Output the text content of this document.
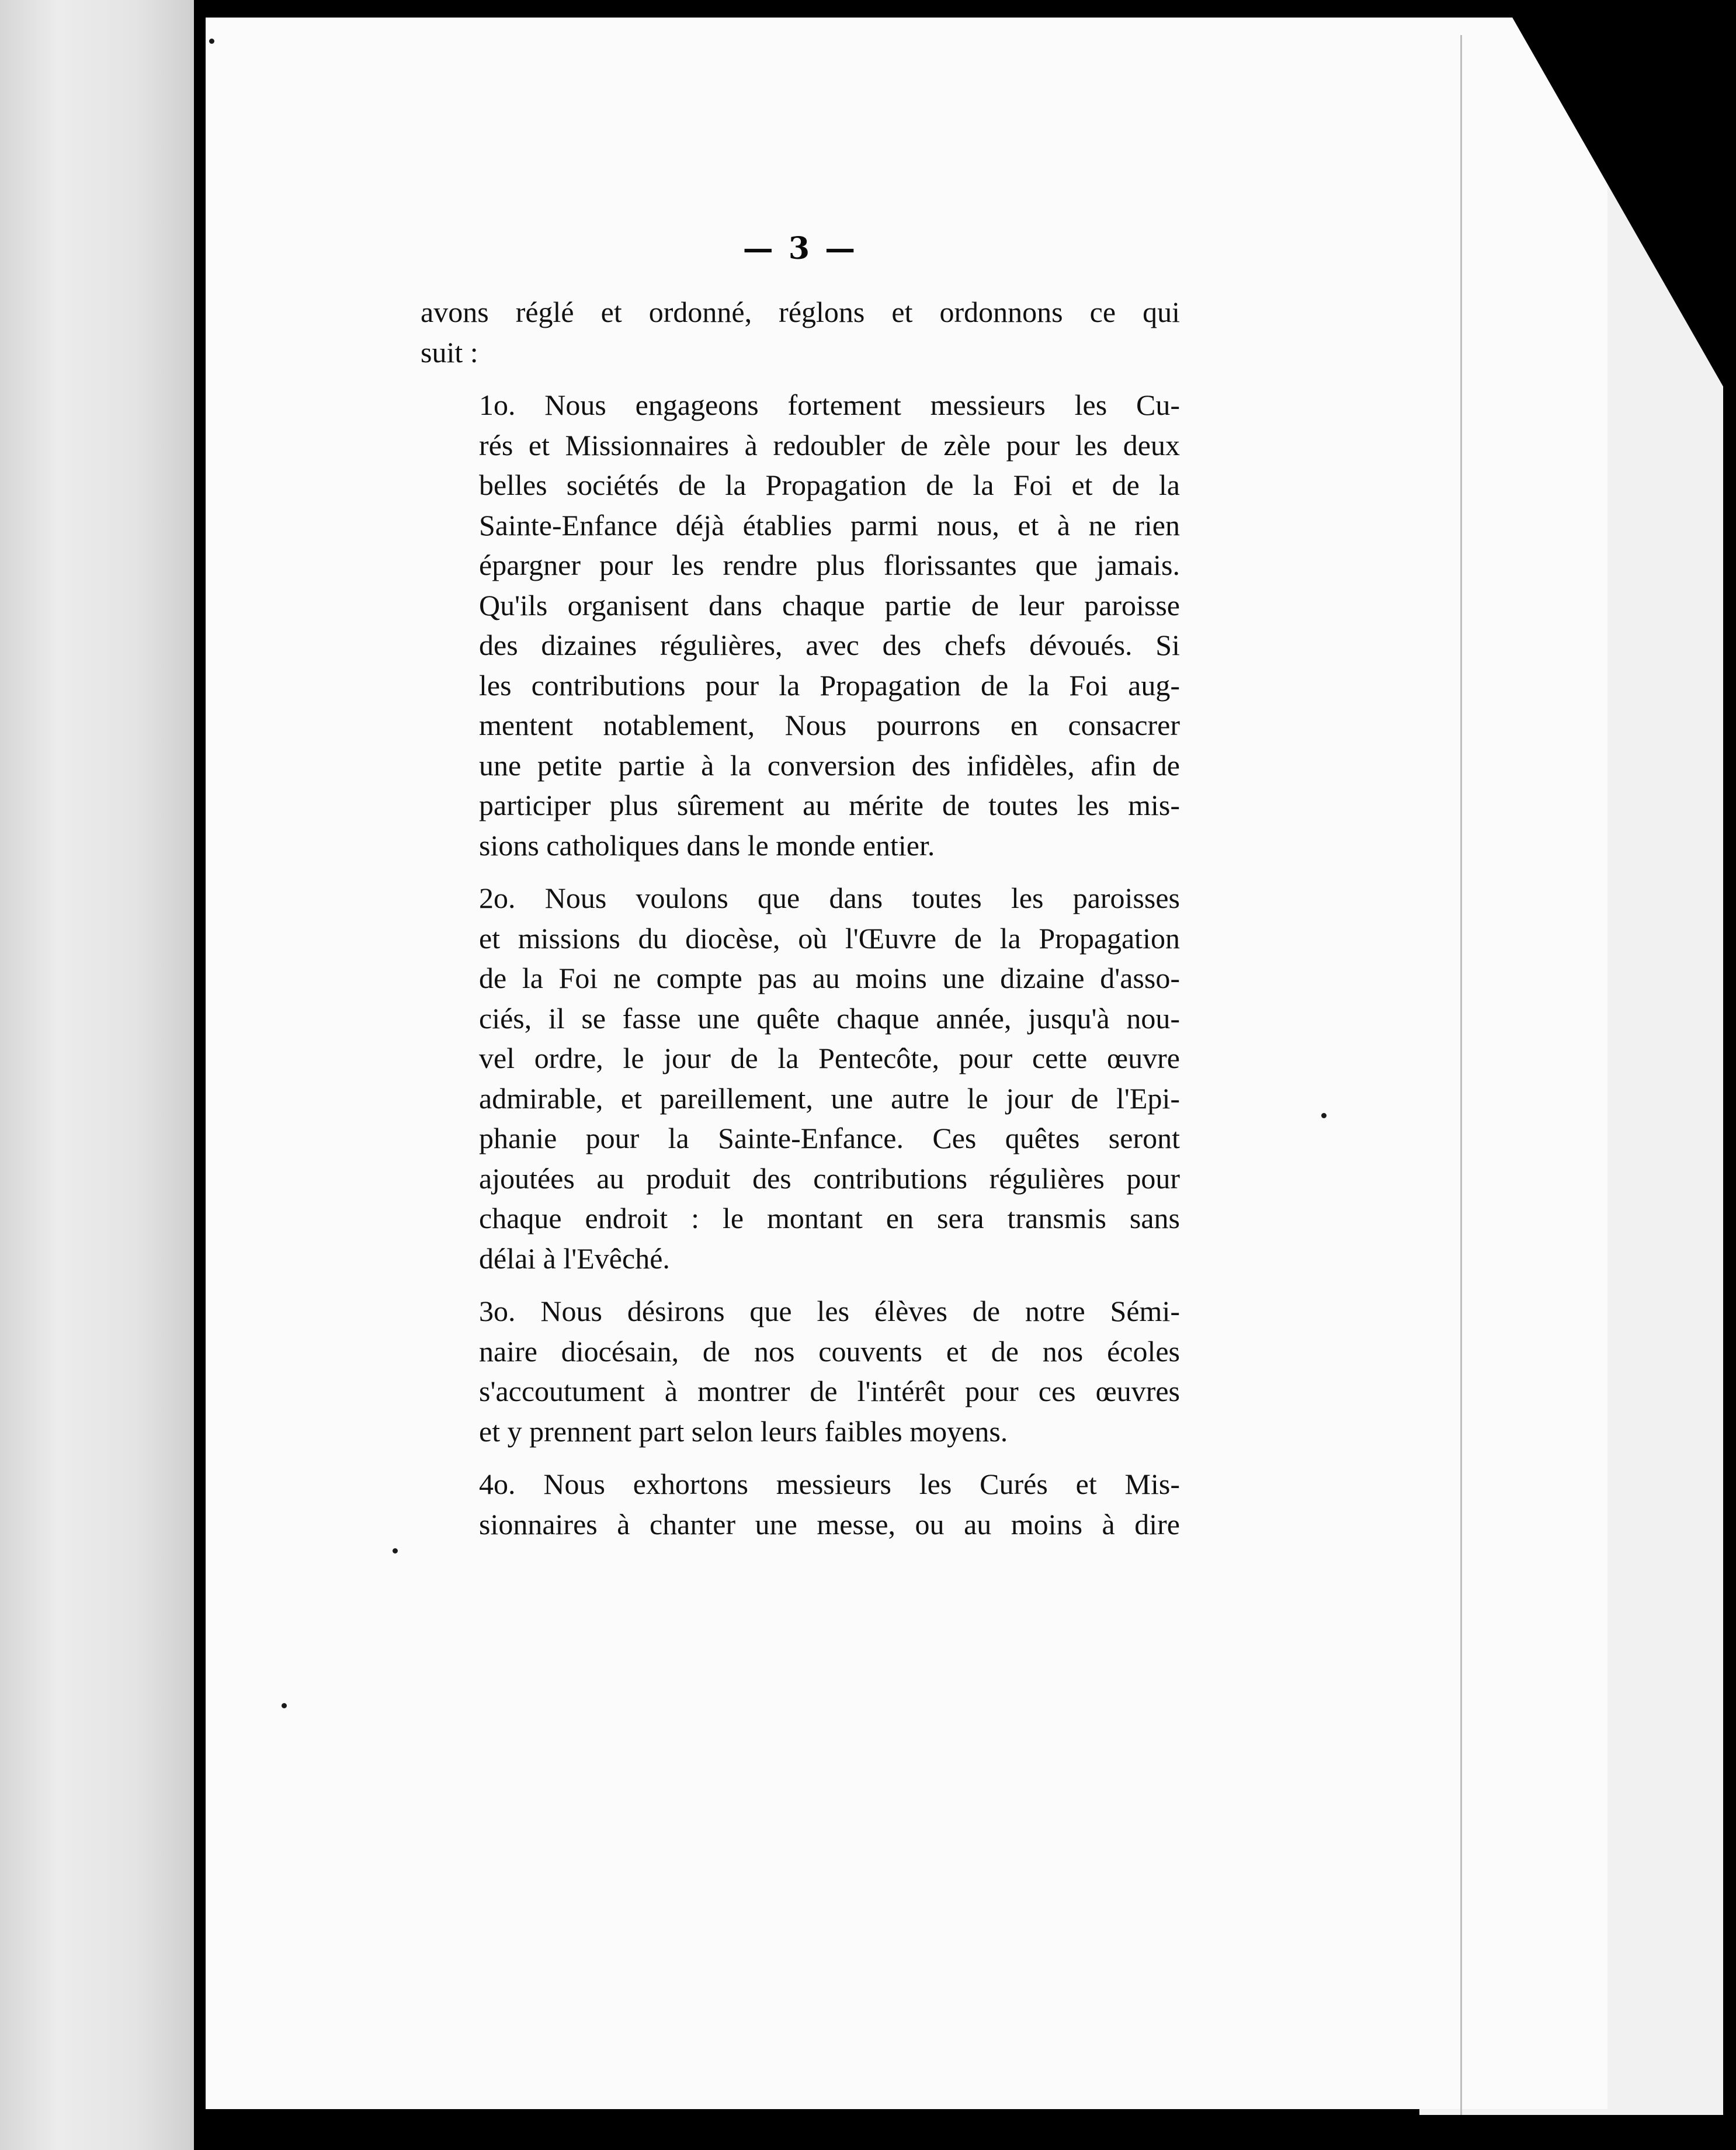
— 3 —

avons réglé et ordonné, réglons et ordonnons ce qui
suit :

1o. Nous engageons fortement messieurs les Cu-
rés et Missionnaires à redoubler de zèle pour les deux
belles sociétés de la Propagation de la Foi et de la
Sainte-Enfance déjà établies parmi nous, et à ne rien
épargner pour les rendre plus florissantes que jamais.
Qu'ils organisent dans chaque partie de leur paroisse
des dizaines régulières, avec des chefs dévoués. Si
les contributions pour la Propagation de la Foi aug-
mentent notablement, Nous pourrons en consacrer
une petite partie à la conversion des infidèles, afin de
participer plus sûrement au mérite de toutes les mis-
sions catholiques dans le monde entier.

2o. Nous voulons que dans toutes les paroisses
et missions du diocèse, où l'Œuvre de la Propagation
de la Foi ne compte pas au moins une dizaine d'asso-
ciés, il se fasse une quête chaque année, jusqu'à nou-
vel ordre, le jour de la Pentecôte, pour cette œuvre
admirable, et pareillement, une autre le jour de l'Epi-
phanie pour la Sainte-Enfance. Ces quêtes seront
ajoutées au produit des contributions régulières pour
chaque endroit : le montant en sera transmis sans
délai à l'Evêché.

3o. Nous désirons que les élèves de notre Sémi-
naire diocésain, de nos couvents et de nos écoles
s'accoutument à montrer de l'intérêt pour ces œuvres
et y prennent part selon leurs faibles moyens.

4o. Nous exhortons messieurs les Curés et Mis-
sionnaires à chanter une messe, ou au moins à dire
